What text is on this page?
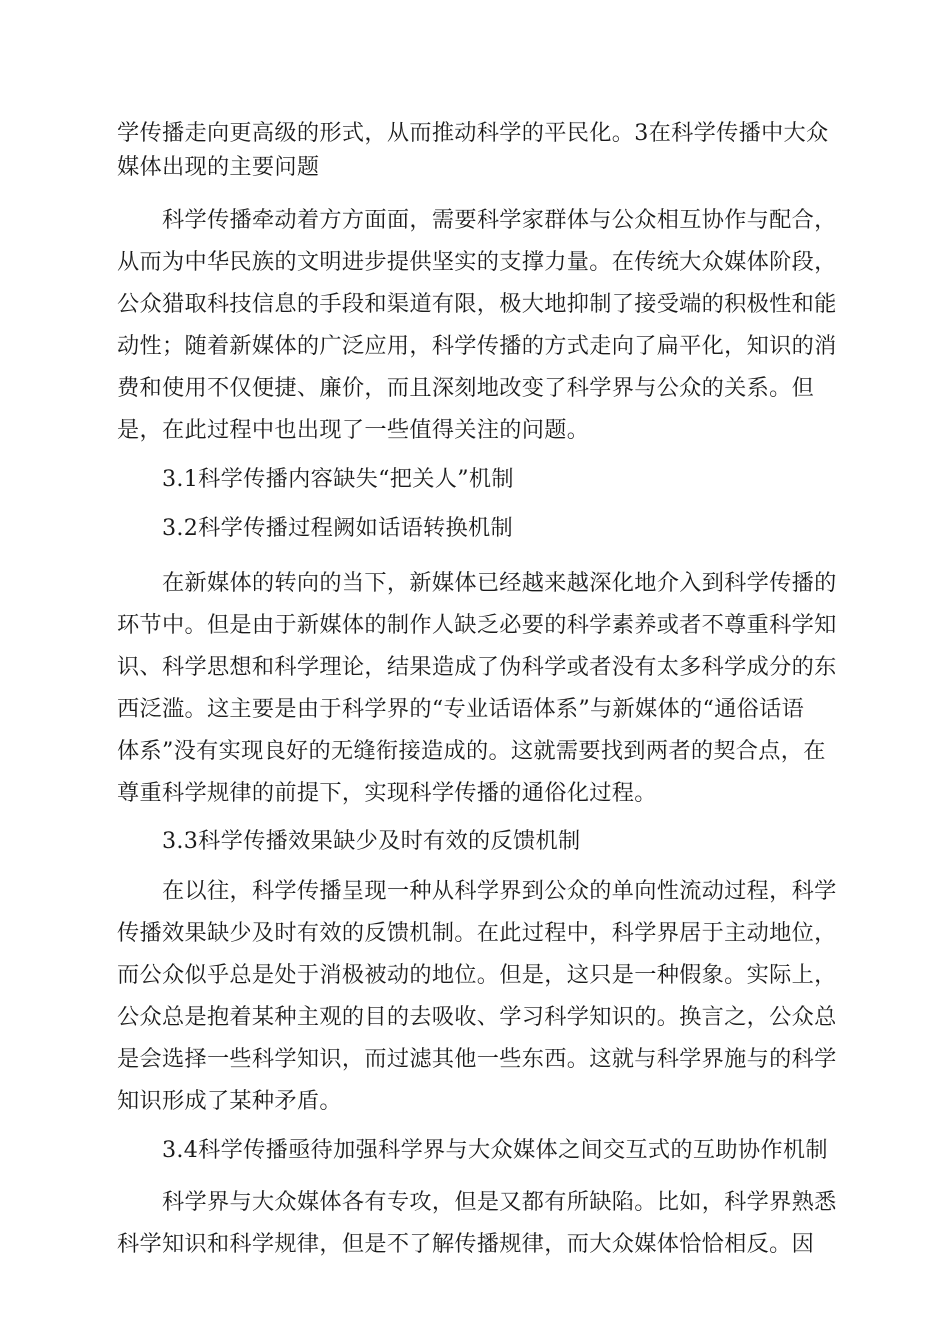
学传播走向更高级的形式，从而推动科学的平民化。3在科学传播中大众

媒体出现的主要问题

科学传播牵动着方方面面，需要科学家群体与公众相互协作与配合，

从而为中华民族的文明进步提供坚实的支撑力量。在传统大众媒体阶段，

公众猎取科技信息的手段和渠道有限，极大地抑制了接受端的积极性和能

动性；随着新媒体的广泛应用，科学传播的方式走向了扁平化，知识的消

费和使用不仅便捷、廉价，而且深刻地改变了科学界与公众的关系。但

是，在此过程中也出现了一些值得关注的问题。

3.1科学传播内容缺失“把关人”机制

3.2科学传播过程阙如话语转换机制

在新媒体的转向的当下，新媒体已经越来越深化地介入到科学传播的

环节中。但是由于新媒体的制作人缺乏必要的科学素养或者不尊重科学知

识、科学思想和科学理论，结果造成了伪科学或者没有太多科学成分的东

西泛滥。这主要是由于科学界的“专业话语体系”与新媒体的“通俗话语

体系”没有实现良好的无缝衔接造成的。这就需要找到两者的契合点，在

尊重科学规律的前提下，实现科学传播的通俗化过程。

3.3科学传播效果缺少及时有效的反馈机制

在以往，科学传播呈现一种从科学界到公众的单向性流动过程，科学

传播效果缺少及时有效的反馈机制。在此过程中，科学界居于主动地位，

而公众似乎总是处于消极被动的地位。但是，这只是一种假象。实际上，

公众总是抱着某种主观的目的去吸收、学习科学知识的。换言之，公众总

是会选择一些科学知识，而过滤其他一些东西。这就与科学界施与的科学

知识形成了某种矛盾。

3.4科学传播亟待加强科学界与大众媒体之间交互式的互助协作机制

科学界与大众媒体各有专攻，但是又都有所缺陷。比如，科学界熟悉

科学知识和科学规律，但是不了解传播规律，而大众媒体恰恰相反。因
